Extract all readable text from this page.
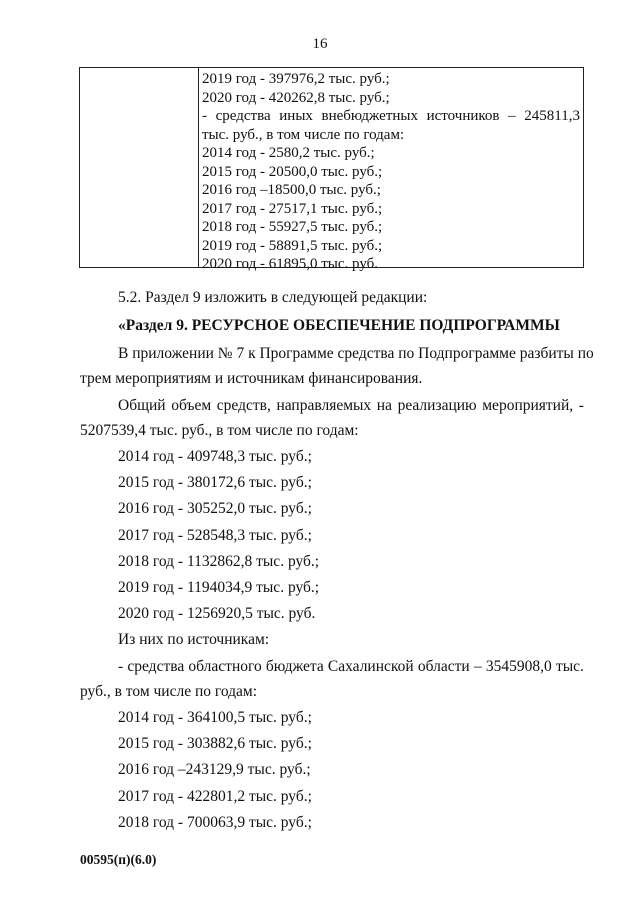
16
2019 год - 397976,2 тыс. руб.;
2020 год - 420262,8 тыс. руб.;
- средства иных внебюджетных источников – 245811,3
тыс. руб., в том числе по годам:
2014 год - 2580,2 тыс. руб.;
2015 год - 20500,0 тыс. руб.;
2016 год –18500,0 тыс. руб.;
2017 год - 27517,1 тыс. руб.;
2018 год - 55927,5 тыс. руб.;
2019 год - 58891,5 тыс. руб.;
2020 год - 61895,0 тыс. руб.
5.2. Раздел 9 изложить в следующей редакции:
«Раздел 9. РЕСУРСНОЕ ОБЕСПЕЧЕНИЕ ПОДПРОГРАММЫ
В приложении № 7 к Программе средства по Подпрограмме разбиты по
трем мероприятиям и источникам финансирования.
Общий объем средств, направляемых на реализацию мероприятий, -
5207539,4 тыс. руб., в том числе по годам:
2014 год - 409748,3 тыс. руб.;
2015 год - 380172,6 тыс. руб.;
2016 год - 305252,0 тыс. руб.;
2017 год - 528548,3 тыс. руб.;
2018 год - 1132862,8 тыс. руб.;
2019 год - 1194034,9 тыс. руб.;
2020 год - 1256920,5 тыс. руб.
Из них по источникам:
- средства областного бюджета Сахалинской области – 3545908,0 тыс.
руб., в том числе по годам:
2014 год - 364100,5 тыс. руб.;
2015 год - 303882,6 тыс. руб.;
2016 год –243129,9 тыс. руб.;
2017 год - 422801,2 тыс. руб.;
2018 год - 700063,9 тыс. руб.;
00595(п)(6.0)
